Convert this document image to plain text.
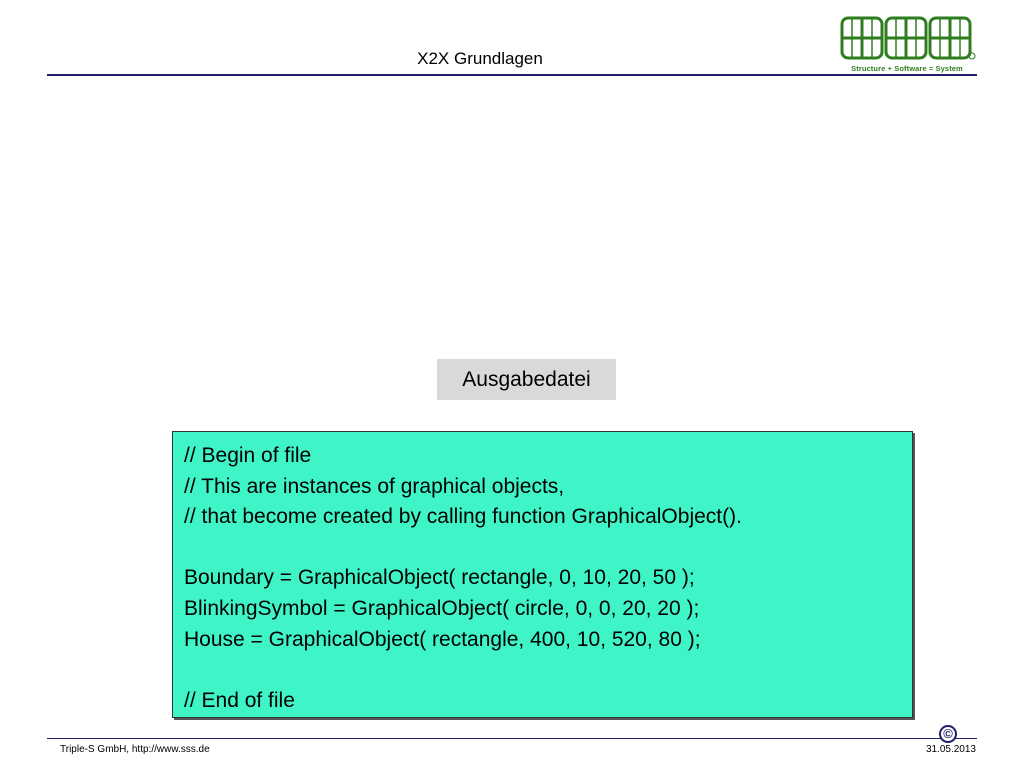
X2X Grundlagen
Structure + Software = System
Ausgabedatei
// Begin of file
// This are instances of graphical objects,
// that become created by calling function GraphicalObject().
Boundary = GraphicalObject( rectangle, 0, 10, 20, 50 );
BlinkingSymbol = GraphicalObject( circle, 0, 0, 20, 20 );
House = GraphicalObject( rectangle, 400, 10, 520, 80 );
// End of file
©
Triple-S GmbH, http://www.sss.de	31.05.2013
